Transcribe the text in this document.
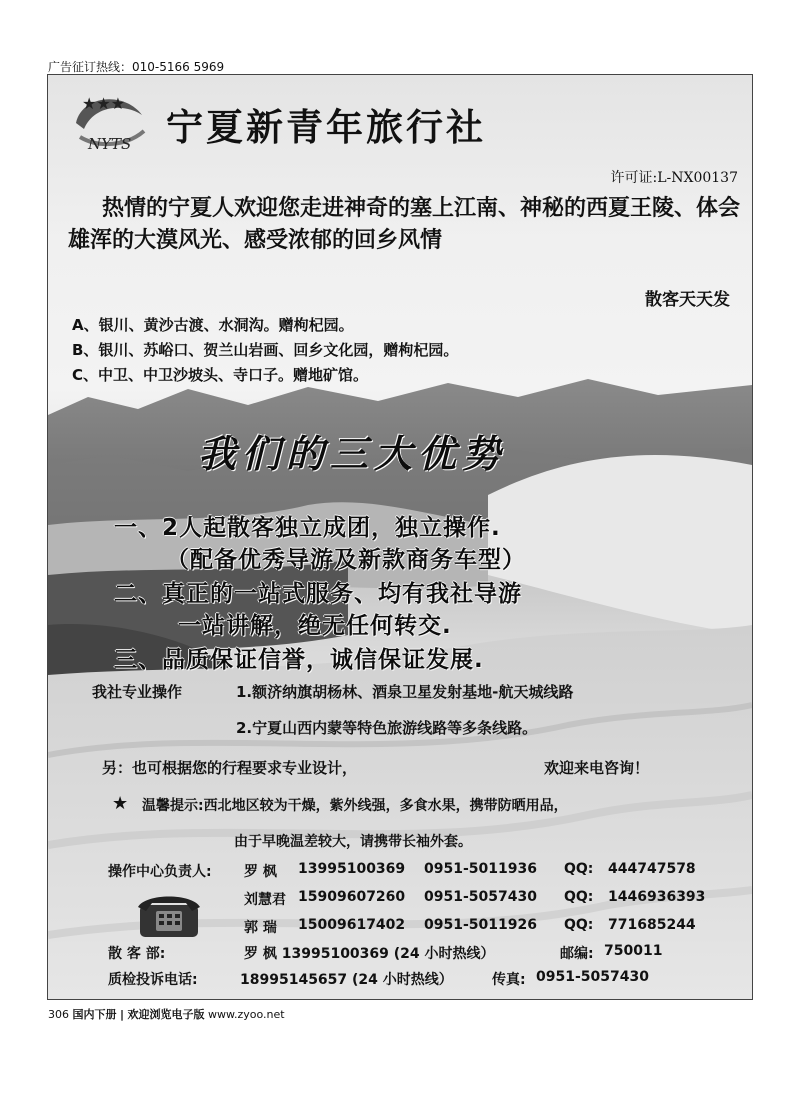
广告征订热线：010-5166 5969
★★★
NYTS 宁夏新青年旅行社
许可证:L-NX00137
热情的宁夏人欢迎您走进神奇的塞上江南、神秘的西夏王陵、体会雄浑的大漠风光、感受浓郁的回乡风情
散客天天发
A、银川、黄沙古渡、水洞沟。赠枸杞园。
B、银川、苏峪口、贺兰山岩画、回乡文化园，赠枸杞园。
C、中卫、中卫沙坡头、寺口子。赠地矿馆。
我们的三大优势
一、2人起散客独立成团，独立操作.
（配备优秀导游及新款商务车型）
二、真正的一站式服务、均有我社导游
一站讲解，绝无任何转交.
三、品质保证信誉，诚信保证发展.
我社专业操作	1.额济纳旗胡杨林、酒泉卫星发射基地-航天城线路
2.宁夏山西内蒙等特色旅游线路等多条线路。
另：也可根据您的行程要求专业设计，	欢迎来电咨询！
★ 温馨提示:西北地区较为干燥，紫外线强，多食水果，携带防晒用品，
由于早晚温差较大，请携带长袖外套。
操作中心负责人: 罗 枫 13995100369 0951-5011936 QQ: 444747578
刘慧君 15909607260 0951-5057430 QQ: 1446936393
郭 瑞 15009617402 0951-5011926 QQ: 771685244
散 客 部:	罗 枫 13995100369 (24 小时热线）	邮编: 750011
质检投诉电话:	18995145657 (24 小时热线）	传真: 0951-5057430
306 国内下册 | 欢迎浏览电子版 www.zyoo.net
